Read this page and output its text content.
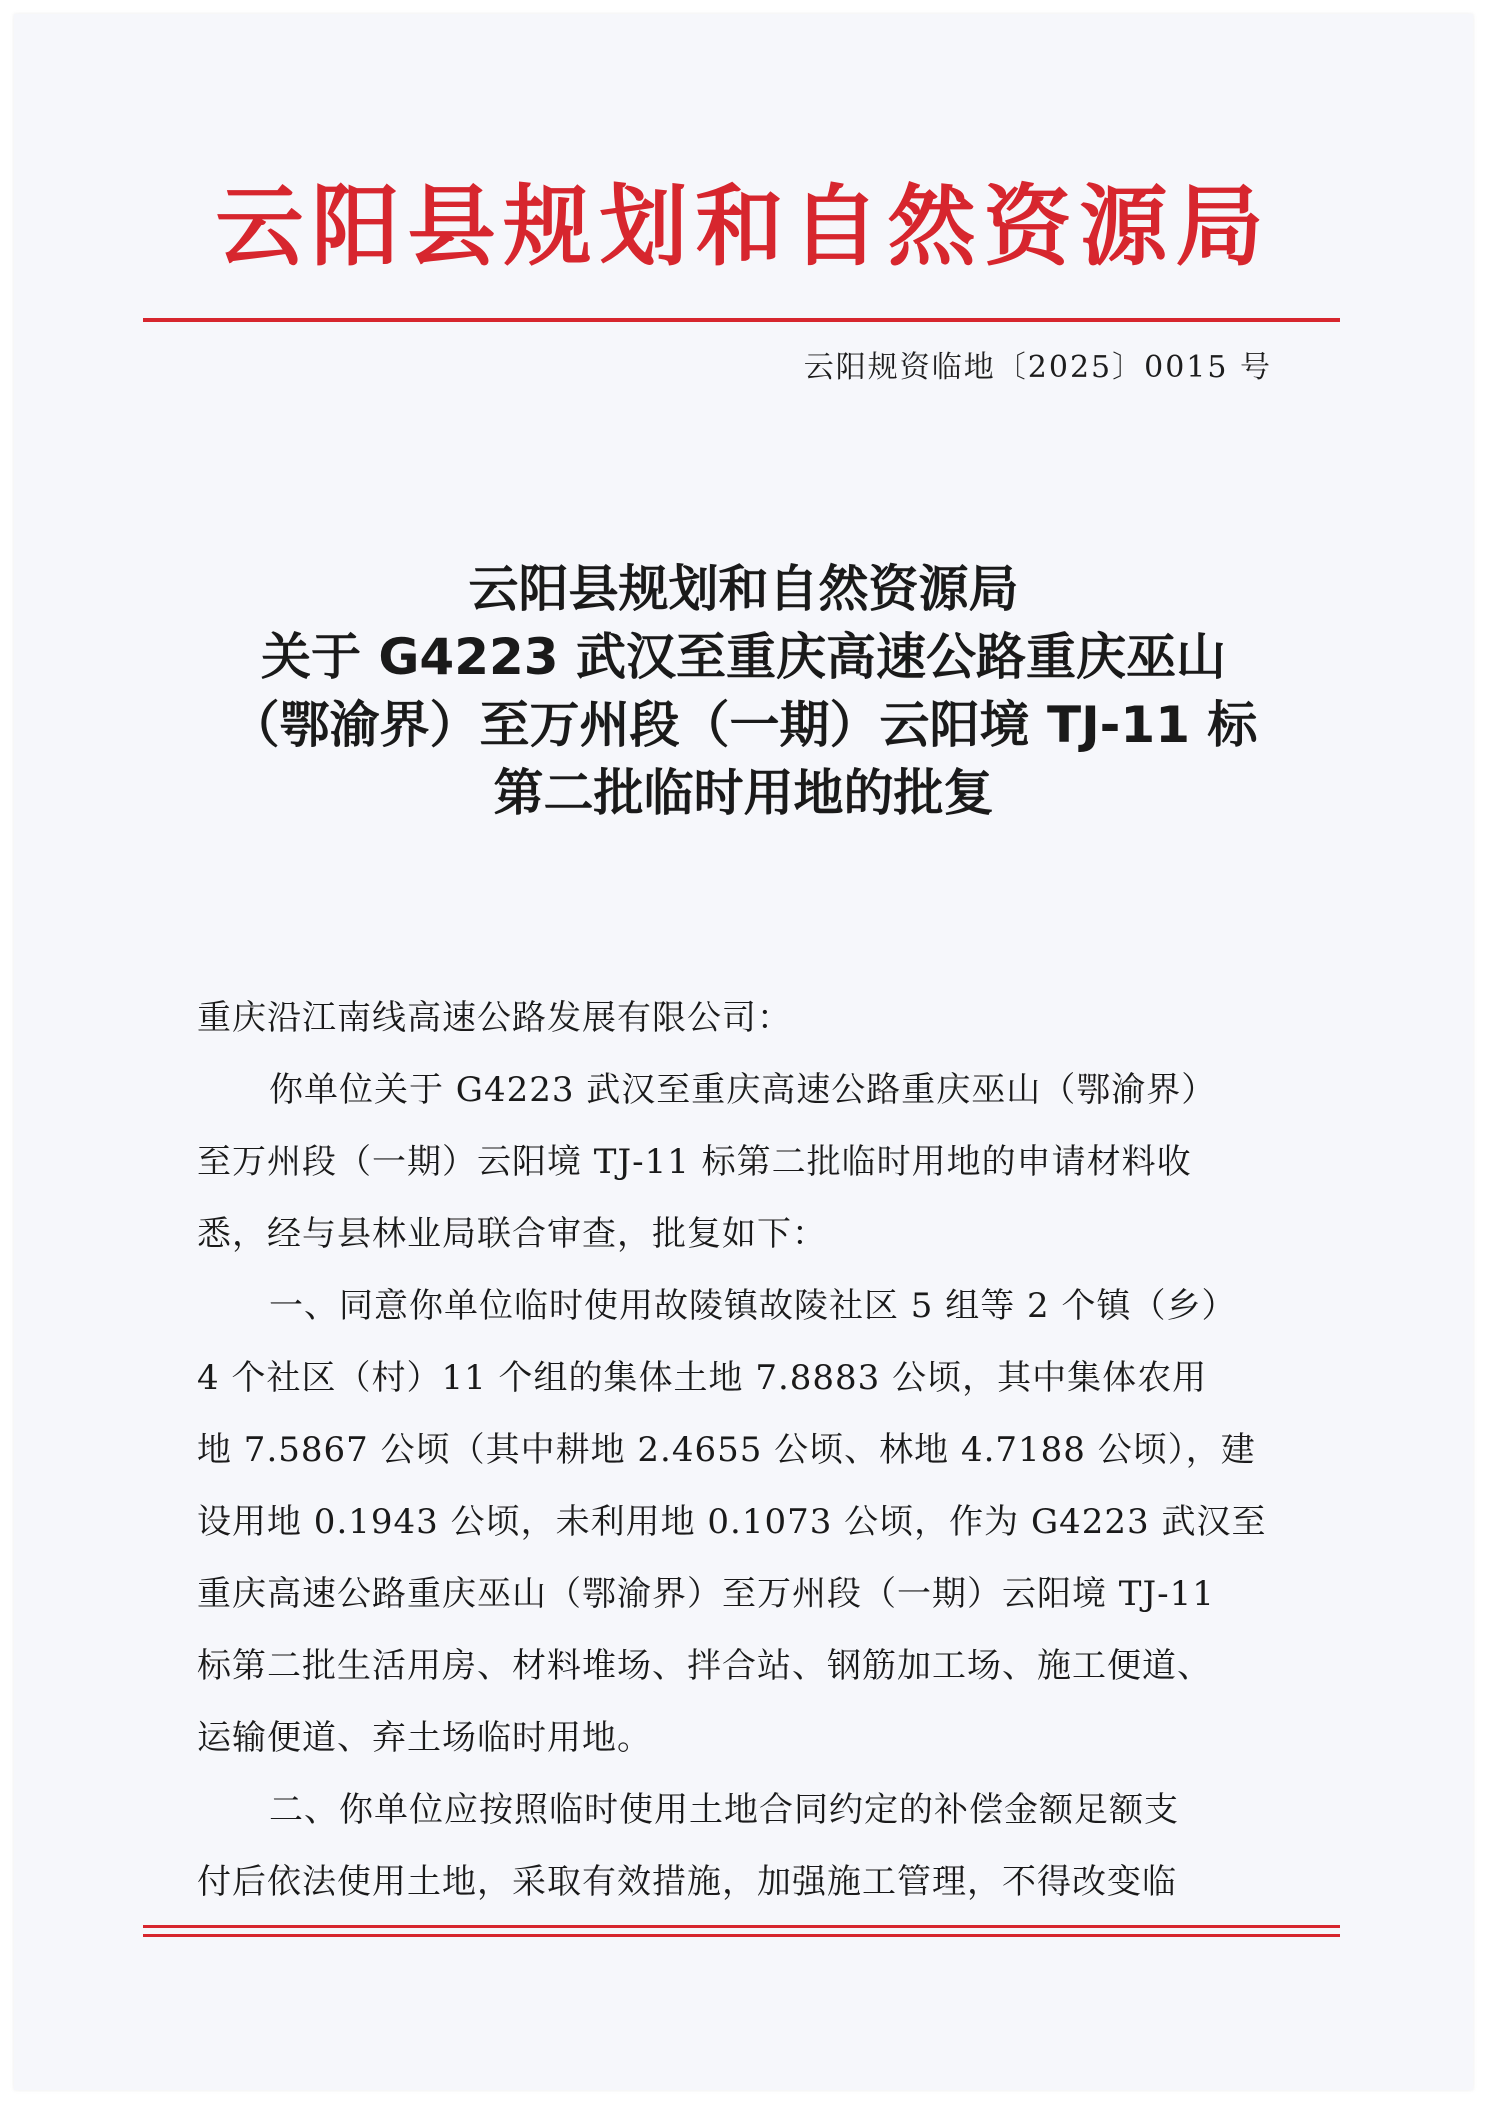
云阳县规划和自然资源局
云阳规资临地〔2025〕0015 号
云阳县规划和自然资源局
关于 G4223 武汉至重庆高速公路重庆巫山
（鄂渝界）至万州段（一期）云阳境 TJ-11 标
第二批临时用地的批复
重庆沿江南线高速公路发展有限公司：
你单位关于 G4223 武汉至重庆高速公路重庆巫山（鄂渝界）
至万州段（一期）云阳境 TJ-11 标第二批临时用地的申请材料收
悉，经与县林业局联合审查，批复如下：
一、同意你单位临时使用故陵镇故陵社区 5 组等 2 个镇（乡）
4 个社区（村）11 个组的集体土地 7.8883 公顷，其中集体农用
地 7.5867 公顷（其中耕地 2.4655 公顷、林地 4.7188 公顷），建
设用地 0.1943 公顷，未利用地 0.1073 公顷，作为 G4223 武汉至
重庆高速公路重庆巫山（鄂渝界）至万州段（一期）云阳境 TJ-11
标第二批生活用房、材料堆场、拌合站、钢筋加工场、施工便道、
运输便道、弃土场临时用地。
二、你单位应按照临时使用土地合同约定的补偿金额足额支
付后依法使用土地，采取有效措施，加强施工管理，不得改变临
